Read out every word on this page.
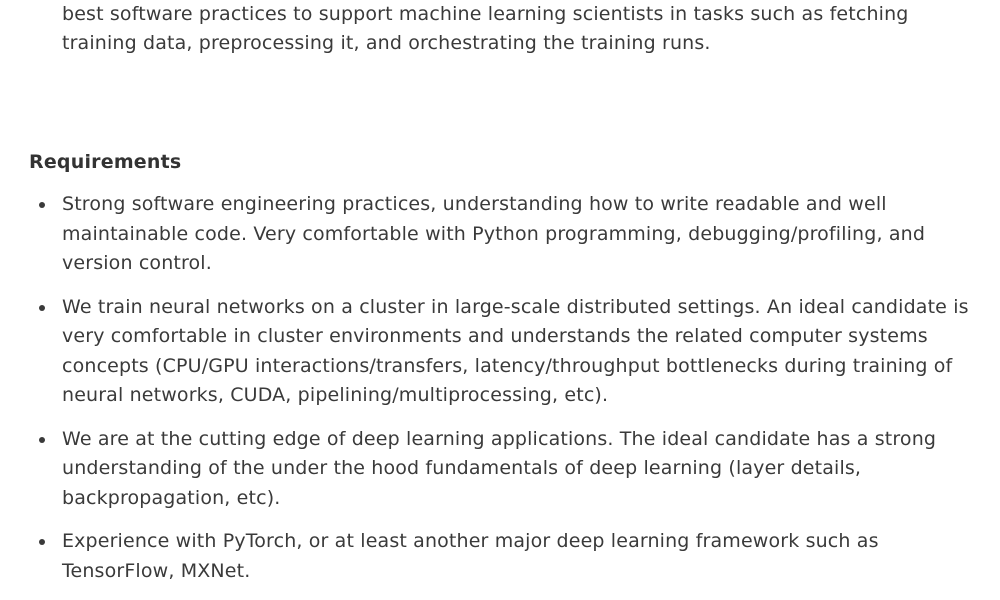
best software practices to support machine learning scientists in tasks such as fetching training data, preprocessing it, and orchestrating the training runs.
Requirements
Strong software engineering practices, understanding how to write readable and well maintainable code. Very comfortable with Python programming, debugging/profiling, and version control.
We train neural networks on a cluster in large-scale distributed settings. An ideal candidate is very comfortable in cluster environments and understands the related computer systems concepts (CPU/GPU interactions/transfers, latency/throughput bottlenecks during training of neural networks, CUDA, pipelining/multiprocessing, etc).
We are at the cutting edge of deep learning applications. The ideal candidate has a strong understanding of the under the hood fundamentals of deep learning (layer details, backpropagation, etc).
Experience with PyTorch, or at least another major deep learning framework such as TensorFlow, MXNet.
